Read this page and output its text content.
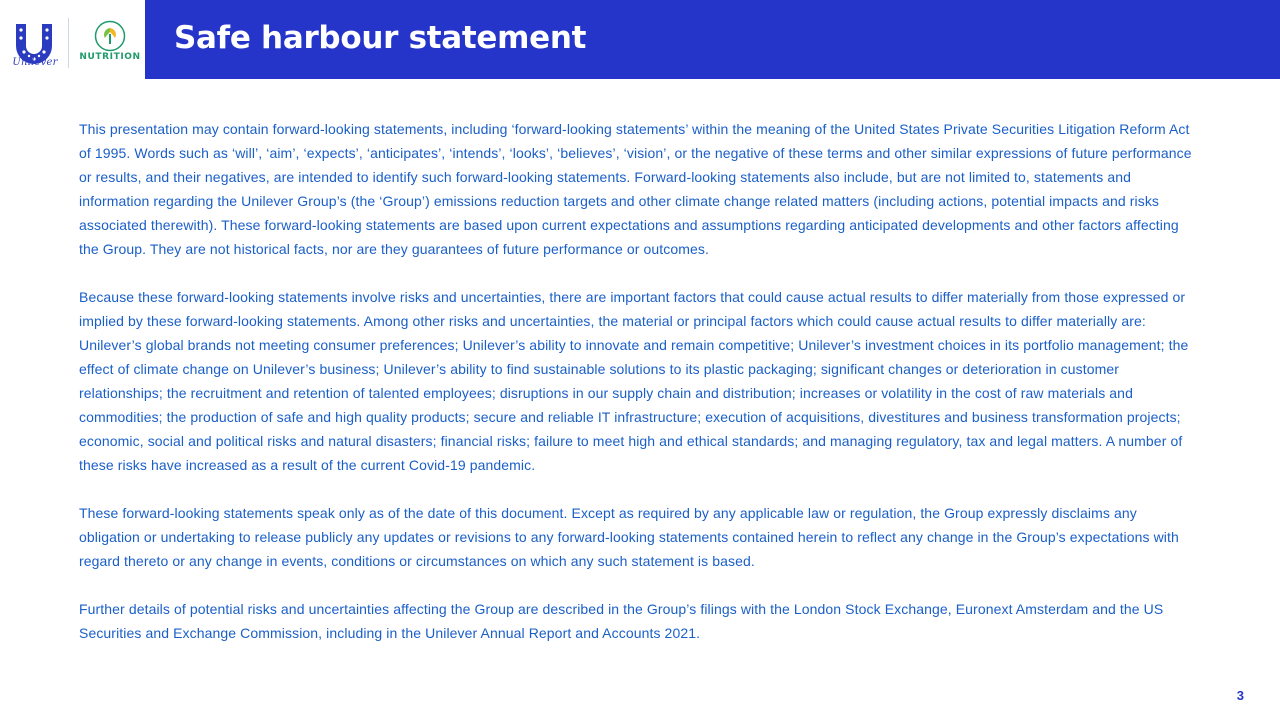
Unilever	NUTRITION
Safe harbour statement

This presentation may contain forward-looking statements, including ‘forward-looking statements’ within the meaning of the United States Private Securities Litigation Reform Act of 1995. Words such as ‘will’, ‘aim’, ‘expects’, ‘anticipates’, ‘intends’, ‘looks’, ‘believes’, ‘vision’, or the negative of these terms and other similar expressions of future performance or results, and their negatives, are intended to identify such forward-looking statements. Forward-looking statements also include, but are not limited to, statements and information regarding the Unilever Group’s (the ‘Group’) emissions reduction targets and other climate change related matters (including actions, potential impacts and risks associated therewith). These forward-looking statements are based upon current expectations and assumptions regarding anticipated developments and other factors affecting the Group. They are not historical facts, nor are they guarantees of future performance or outcomes.

Because these forward-looking statements involve risks and uncertainties, there are important factors that could cause actual results to differ materially from those expressed or implied by these forward-looking statements. Among other risks and uncertainties, the material or principal factors which could cause actual results to differ materially are: Unilever’s global brands not meeting consumer preferences; Unilever’s ability to innovate and remain competitive; Unilever’s investment choices in its portfolio management; the effect of climate change on Unilever’s business; Unilever’s ability to find sustainable solutions to its plastic packaging; significant changes or deterioration in customer relationships; the recruitment and retention of talented employees; disruptions in our supply chain and distribution; increases or volatility in the cost of raw materials and commodities; the production of safe and high quality products; secure and reliable IT infrastructure; execution of acquisitions, divestitures and business transformation projects; economic, social and political risks and natural disasters; financial risks; failure to meet high and ethical standards; and managing regulatory, tax and legal matters. A number of these risks have increased as a result of the current Covid-19 pandemic.

These forward-looking statements speak only as of the date of this document. Except as required by any applicable law or regulation, the Group expressly disclaims any obligation or undertaking to release publicly any updates or revisions to any forward-looking statements contained herein to reflect any change in the Group’s expectations with regard thereto or any change in events, conditions or circumstances on which any such statement is based.

Further details of potential risks and uncertainties affecting the Group are described in the Group’s filings with the London Stock Exchange, Euronext Amsterdam and the US Securities and Exchange Commission, including in the Unilever Annual Report and Accounts 2021.

3
